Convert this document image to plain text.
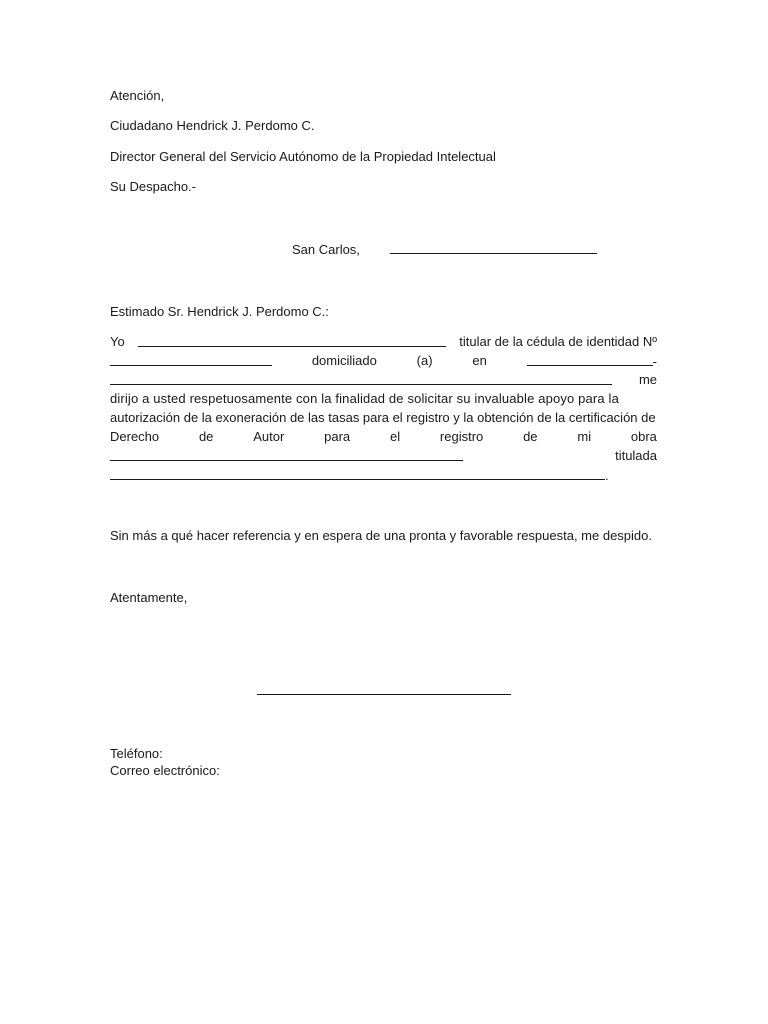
Atención,
Ciudadano Hendrick J. Perdomo C.
Director General del Servicio Autónomo de la Propiedad Intelectual
Su Despacho.-
San Carlos,
Estimado Sr. Hendrick J. Perdomo C.:
Yo	titular de la cédula de identidad Nº
domiciliado	(a)	en	-
me
dirijo a usted respetuosamente con la finalidad de solicitar su invaluable apoyo para la
autorización de la exoneración de las tasas para el registro y la obtención de la certificación de
Derecho	de	Autor	para	el	registro	de	mi	obra
titulada
.
Sin más a qué hacer referencia y en espera de una pronta y favorable respuesta, me despido.
Atentamente,
Teléfono:
Correo electrónico:
